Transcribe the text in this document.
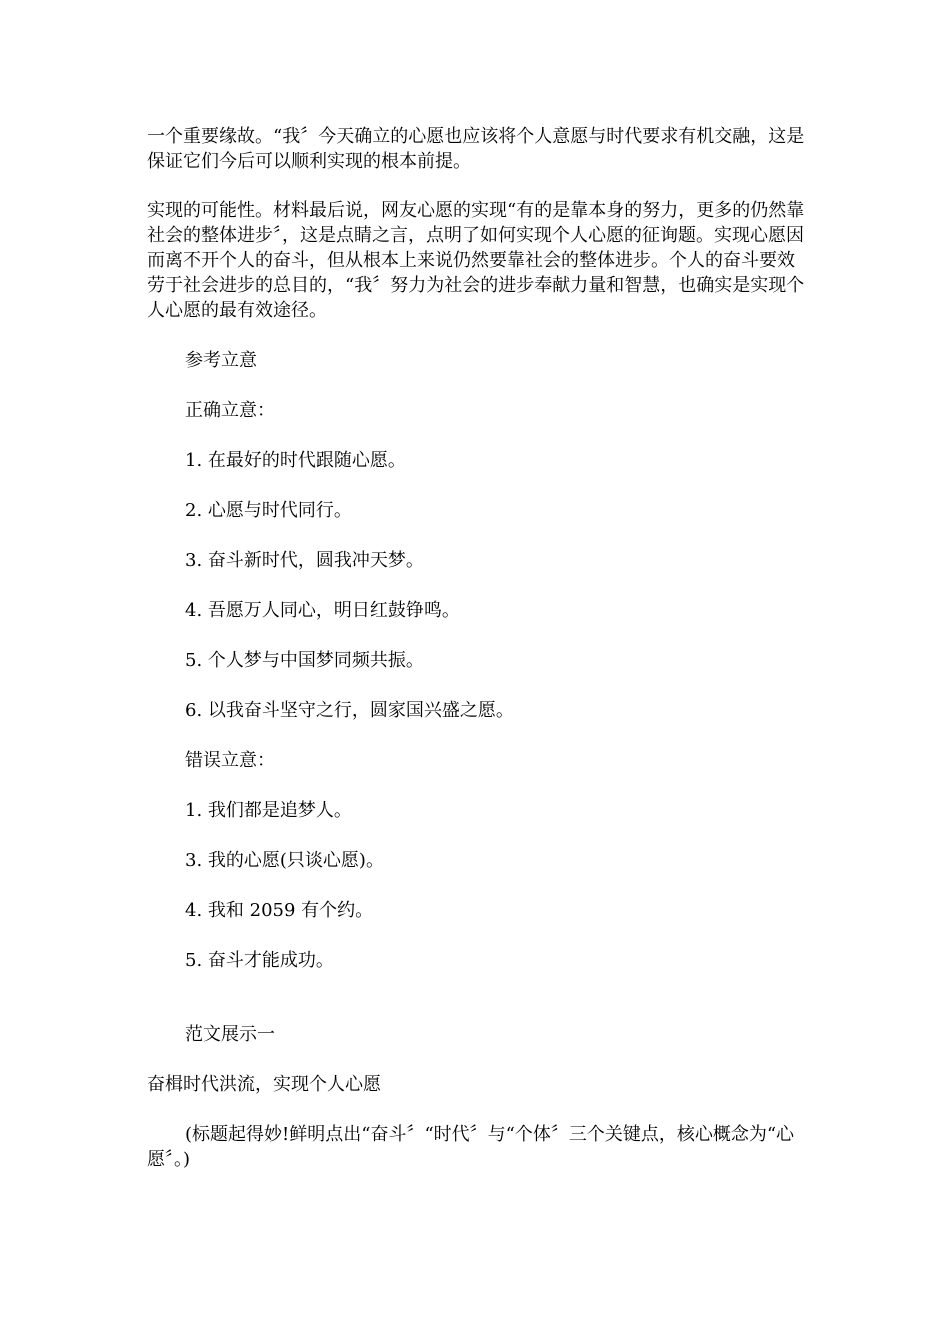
一个重要缘故。“我〞今天确立的心愿也应该将个人意愿与时代要求有机交融，这是保证它们今后可以顺利实现的根本前提。

实现的可能性。材料最后说，网友心愿的实现“有的是靠本身的努力，更多的仍然靠社会的整体进步〞，这是点睛之言，点明了如何实现个人心愿的征询题。实现心愿因而离不开个人的奋斗，但从根本上来说仍然要靠社会的整体进步。个人的奋斗要效劳于社会进步的总目的，“我〞努力为社会的进步奉献力量和智慧，也确实是实现个人心愿的最有效途径。

参考立意

正确立意：

1. 在最好的时代跟随心愿。

2. 心愿与时代同行。

3. 奋斗新时代，圆我冲天梦。

4. 吾愿万人同心，明日红鼓铮鸣。

5. 个人梦与中国梦同频共振。

6. 以我奋斗坚守之行，圆家国兴盛之愿。

错误立意：

1. 我们都是追梦人。

3. 我的心愿(只谈心愿)。

4. 我和 2059 有个约。

5. 奋斗才能成功。

范文展示一

奋楫时代洪流，实现个人心愿

(标题起得妙!鲜明点出“奋斗〞“时代〞与“个体〞三个关键点，核心概念为“心愿〞。)
